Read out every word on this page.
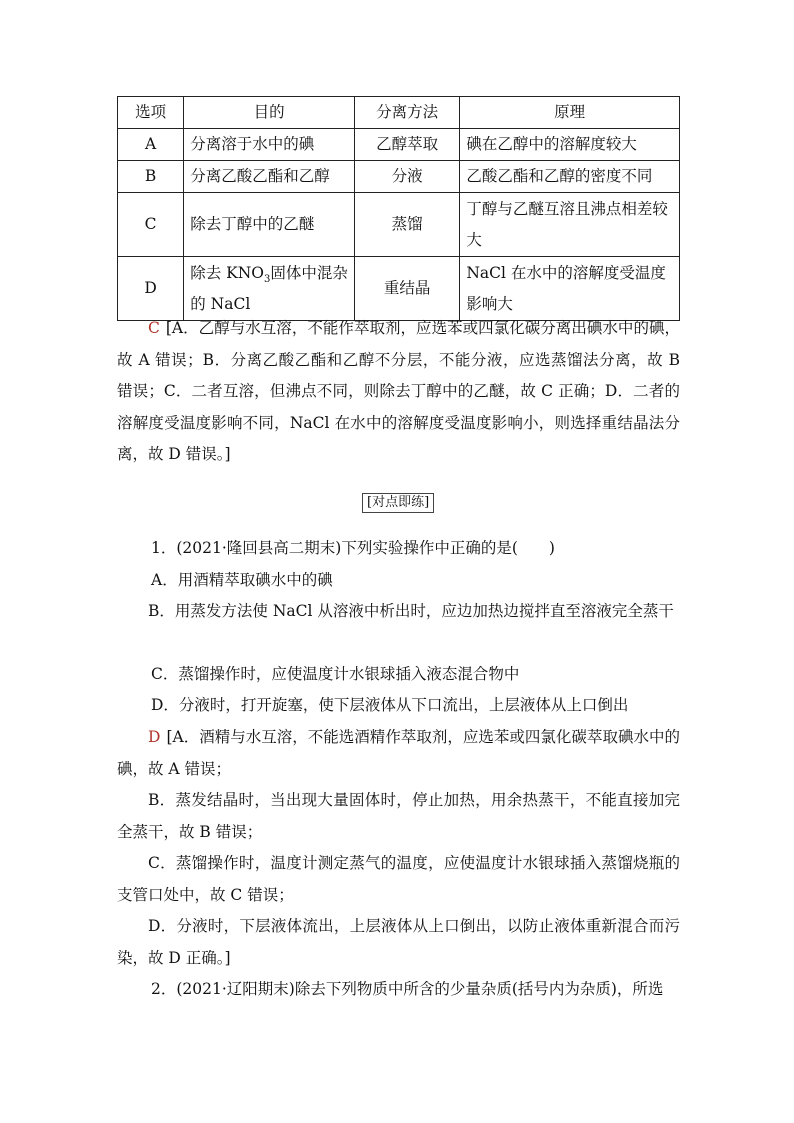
选项	目的	分离方法	原理
A	分离溶于水中的碘	乙醇萃取	碘在乙醇中的溶解度较大
B	分离乙酸乙酯和乙醇	分液	乙酸乙酯和乙醇的密度不同
C	除去丁醇中的乙醚	蒸馏	丁醇与乙醚互溶且沸点相差较大
D	除去 $KNO_3$固体中混杂的 NaCl	重结晶	NaCl 在水中的溶解度受温度影响大
C [A．乙醇与水互溶，不能作萃取剂，应选苯或四氯化碳分离出碘水中的碘，故 A 错误；B．分离乙酸乙酯和乙醇不分层，不能分液，应选蒸馏法分离，故 B 错误；C．二者互溶，但沸点不同，则除去丁醇中的乙醚，故 C 正确；D．二者的溶解度受温度影响不同，NaCl 在水中的溶解度受温度影响小，则选择重结晶法分离，故 D 错误。]
[对点即练]
1．(2021·隆回县高二期末)下列实验操作中正确的是(　　)
A．用酒精萃取碘水中的碘
B．用蒸发方法使 NaCl 从溶液中析出时，应边加热边搅拌直至溶液完全蒸干
C．蒸馏操作时，应使温度计水银球插入液态混合物中
D．分液时，打开旋塞，使下层液体从下口流出，上层液体从上口倒出
D [A．酒精与水互溶，不能选酒精作萃取剂，应选苯或四氯化碳萃取碘水中的碘，故 A 错误；
B．蒸发结晶时，当出现大量固体时，停止加热，用余热蒸干，不能直接加完全蒸干，故 B 错误；
C．蒸馏操作时，温度计测定蒸气的温度，应使温度计水银球插入蒸馏烧瓶的支管口处中，故 C 错误；
D．分液时，下层液体流出，上层液体从上口倒出，以防止液体重新混合而污染，故 D 正确。]
2．(2021·辽阳期末)除去下列物质中所含的少量杂质(括号内为杂质)，所选
